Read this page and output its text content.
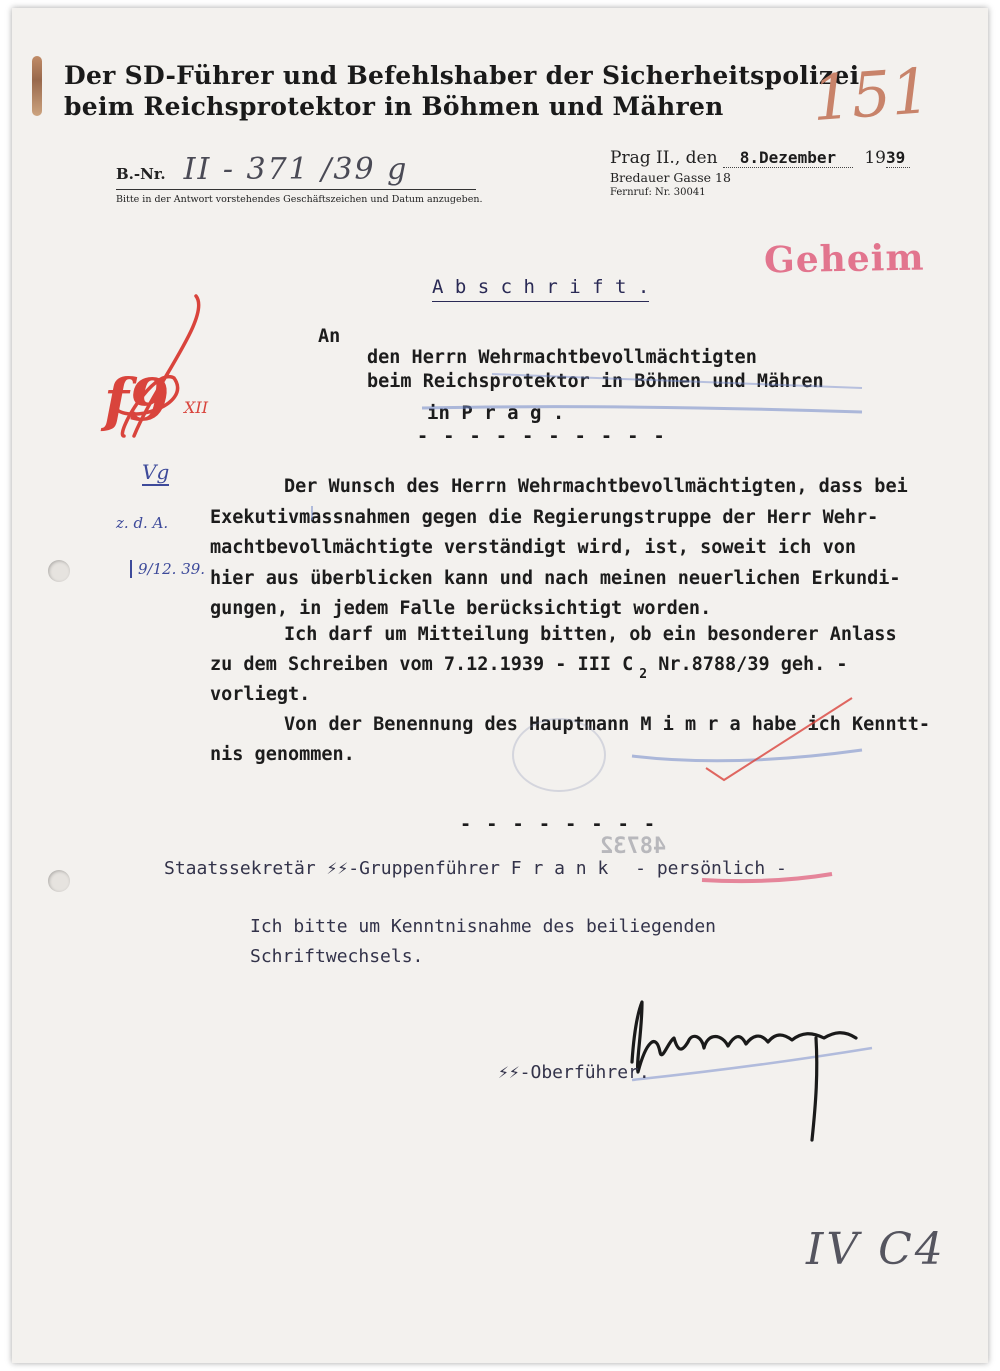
Der SD-Führer und Befehlshaber der Sicherheitspolizei
beim Reichsprotektor in Böhmen und Mähren	151
B.-Nr. II - 371 /39 g
Bitte in der Antwort vorstehendes Geschäftszeichen und Datum anzugeben.
Prag II., den 8.Dezember 1939
Bredauer Gasse 18
Fernruf: Nr. 30041
Geheim
A b s c h r i f t .
An
den Herrn Wehrmachtbevollmächtigten
beim Reichsprotektor in Böhmen und Mähren
in P r a g .
- - - - - - - - - -
f9 XII
Vg
z. d. A.
9/12. 39.
Der Wunsch des Herrn Wehrmachtbevollmächtigten, dass bei
Exekutivmassnahmen gegen die Regierungstruppe der Herr Wehr-
machtbevollmächtigte verständigt wird, ist, soweit ich von
hier aus überblicken kann und nach meinen neuerlichen Erkundi-
gungen, in jedem Falle berücksichtigt worden.
Ich darf um Mitteilung bitten, ob ein besonderer Anlass
zu dem Schreiben vom 7.12.1939 - III C $_2$ Nr.8788/39 geh. -
vorliegt.
Von der Benennung des Hauptmann M i m r a habe ich Kenntt-
nis genommen.
- - - - - - - -
48732
Staatssekretär ⚡⚡-Gruppenführer F r a n k - persönlich -
Ich bitte um Kenntnisnahme des beiliegenden
Schriftwechsels.
⚡⚡-Oberführer.
IV C4
